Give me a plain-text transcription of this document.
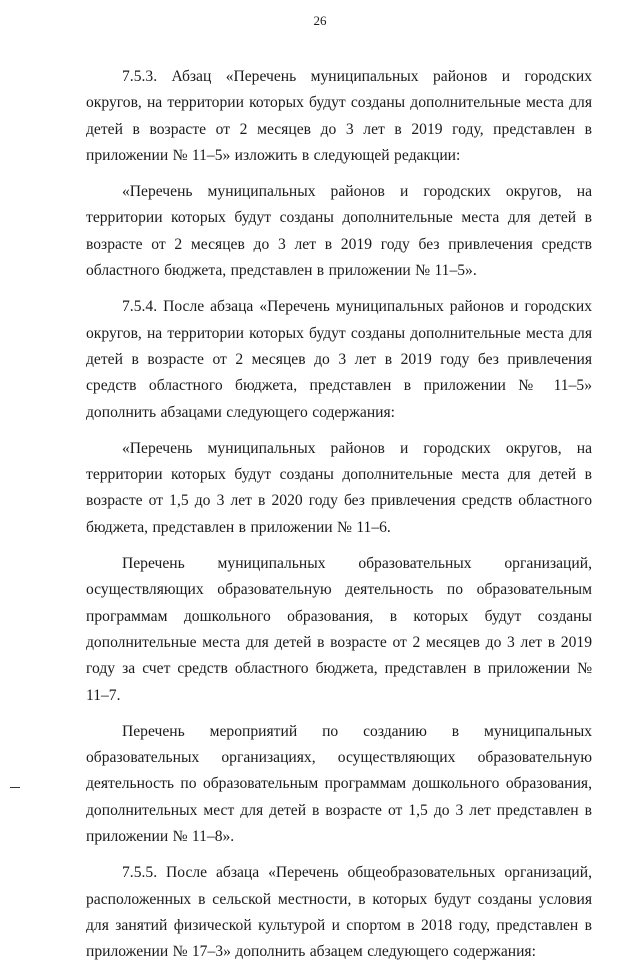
26

7.5.3. Абзац «Перечень муниципальных районов и городских округов, на территории которых будут созданы дополнительные места для детей в возрасте от 2 месяцев до 3 лет в 2019 году, представлен в приложении № 11–5» изложить в следующей редакции:

«Перечень муниципальных районов и городских округов, на территории которых будут созданы дополнительные места для детей в возрасте от 2 месяцев до 3 лет в 2019 году без привлечения средств областного бюджета, представлен в приложении № 11–5».

7.5.4. После абзаца «Перечень муниципальных районов и городских округов, на территории которых будут созданы дополнительные места для детей в возрасте от 2 месяцев до 3 лет в 2019 году без привлечения средств областного бюджета, представлен в приложении № 11–5» дополнить абзацами следующего содержания:

«Перечень муниципальных районов и городских округов, на территории которых будут созданы дополнительные места для детей в возрасте от 1,5 до 3 лет в 2020 году без привлечения средств областного бюджета, представлен в приложении № 11–6.

Перечень муниципальных образовательных организаций, осуществляющих образовательную деятельность по образовательным программам дошкольного образования, в которых будут созданы дополнительные места для детей в возрасте от 2 месяцев до 3 лет в 2019 году за счет средств областного бюджета, представлен в приложении № 11–7.

Перечень мероприятий по созданию в муниципальных образовательных организациях, осуществляющих образовательную деятельность по образовательным программам дошкольного образования, дополнительных мест для детей в возрасте от 1,5 до 3 лет представлен в приложении № 11–8».

7.5.5. После абзаца «Перечень общеобразовательных организаций, расположенных в сельской местности, в которых будут созданы условия для занятий физической культурой и спортом в 2018 году, представлен в приложении № 17–3» дополнить абзацем следующего содержания:
